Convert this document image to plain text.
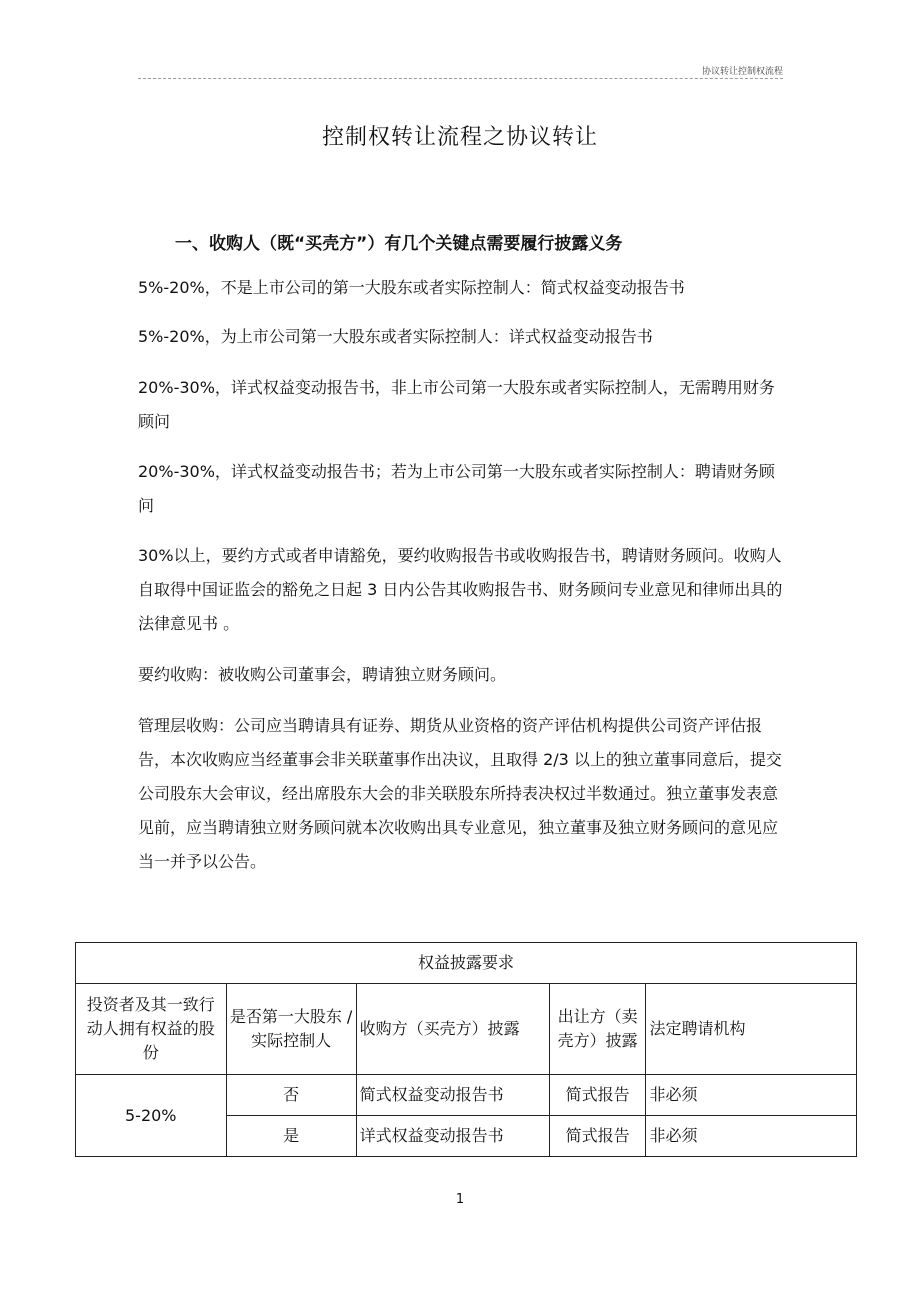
协议转让控制权流程
控制权转让流程之协议转让
一、收购人（既“买壳方”）有几个关键点需要履行披露义务
5%-20%，不是上市公司的第一大股东或者实际控制人：简式权益变动报告书
5%-20%，为上市公司第一大股东或者实际控制人：详式权益变动报告书
20%-30%，详式权益变动报告书，非上市公司第一大股东或者实际控制人，无需聘用财务顾问
20%-30%，详式权益变动报告书；若为上市公司第一大股东或者实际控制人：聘请财务顾问
30%以上，要约方式或者申请豁免，要约收购报告书或收购报告书，聘请财务顾问。收购人自取得中国证监会的豁免之日起 3 日内公告其收购报告书、财务顾问专业意见和律师出具的法律意见书 。
要约收购：被收购公司董事会，聘请独立财务顾问。
管理层收购：公司应当聘请具有证券、期货从业资格的资产评估机构提供公司资产评估报告，本次收购应当经董事会非关联董事作出决议，且取得 2/3 以上的独立董事同意后，提交公司股东大会审议，经出席股东大会的非关联股东所持表决权过半数通过。独立董事发表意见前，应当聘请独立财务顾问就本次收购出具专业意见，独立董事及独立财务顾问的意见应当一并予以公告。
权益披露要求				
投资者及其一致行动人拥有权益的股份	是否第一大股东 /实际控制人	收购方（买壳方）披露	出让方（卖壳方）披露	法定聘请机构
5-20%	否	简式权益变动报告书	简式报告	非必须
	是	详式权益变动报告书	简式报告	非必须
1
